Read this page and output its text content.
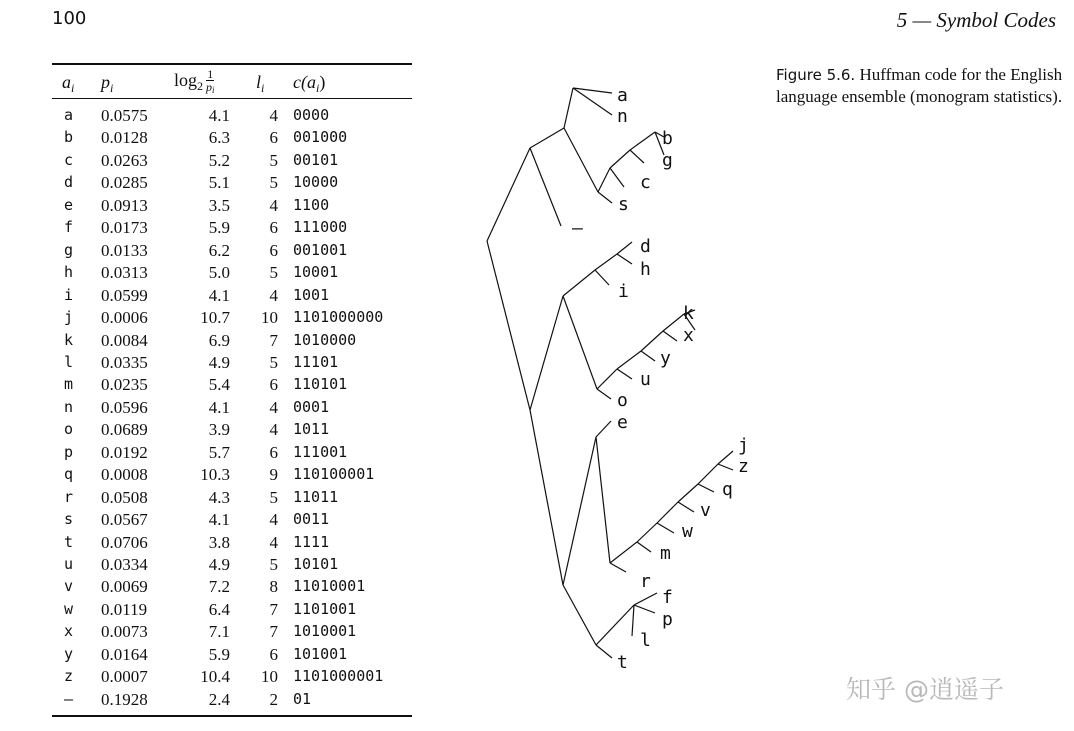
100	5 — Symbol Codes
$a_i$ $p_i$	$\log_2 \frac{1}{pi} l_i$ $c(a_i)$
a 0.0575	4.1 4 0000
b 0.0128	6.3 6 001000
c 0.0263	5.2 5 00101
d 0.0285	5.1 5 10000
e 0.0913	3.5 4 1100
f 0.0173	5.9 6 111000
g 0.0133	6.2 6 001001
h 0.0313	5.0 5 10001
i 0.0599	4.1 4 1001
j 0.0006	10.7 10 1101000000
k 0.0084	6.9 7 1010000
l 0.0335	4.9 5 11101
m 0.0235	5.4 6 110101
n 0.0596	4.1 4 0001
o 0.0689	3.9 4 1011
p 0.0192	5.7 6 111001
q 0.0008	10.3 9 110100001
r 0.0508	4.3 5 11011
s 0.0567	4.1 4 0011
t 0.0706	3.8 4 1111
u 0.0334	4.9 5 10101
v 0.0069	7.2 8 11010001
w 0.0119	6.4 7 1101001
x 0.0073	7.1 7 1010001
y 0.0164	5.9 6 101001
z 0.0007	10.4 10 1101000001
– 0.1928	2.4 2 01
Figure 5.6. Huffman code for the English language ensemble (monogram statistics).
a
n
b
g
c
s
–
d
h
i
k
x
y
u
o
e
j
z
q
v
w
m
r
f
p
l
t
知乎 @逍遥子
